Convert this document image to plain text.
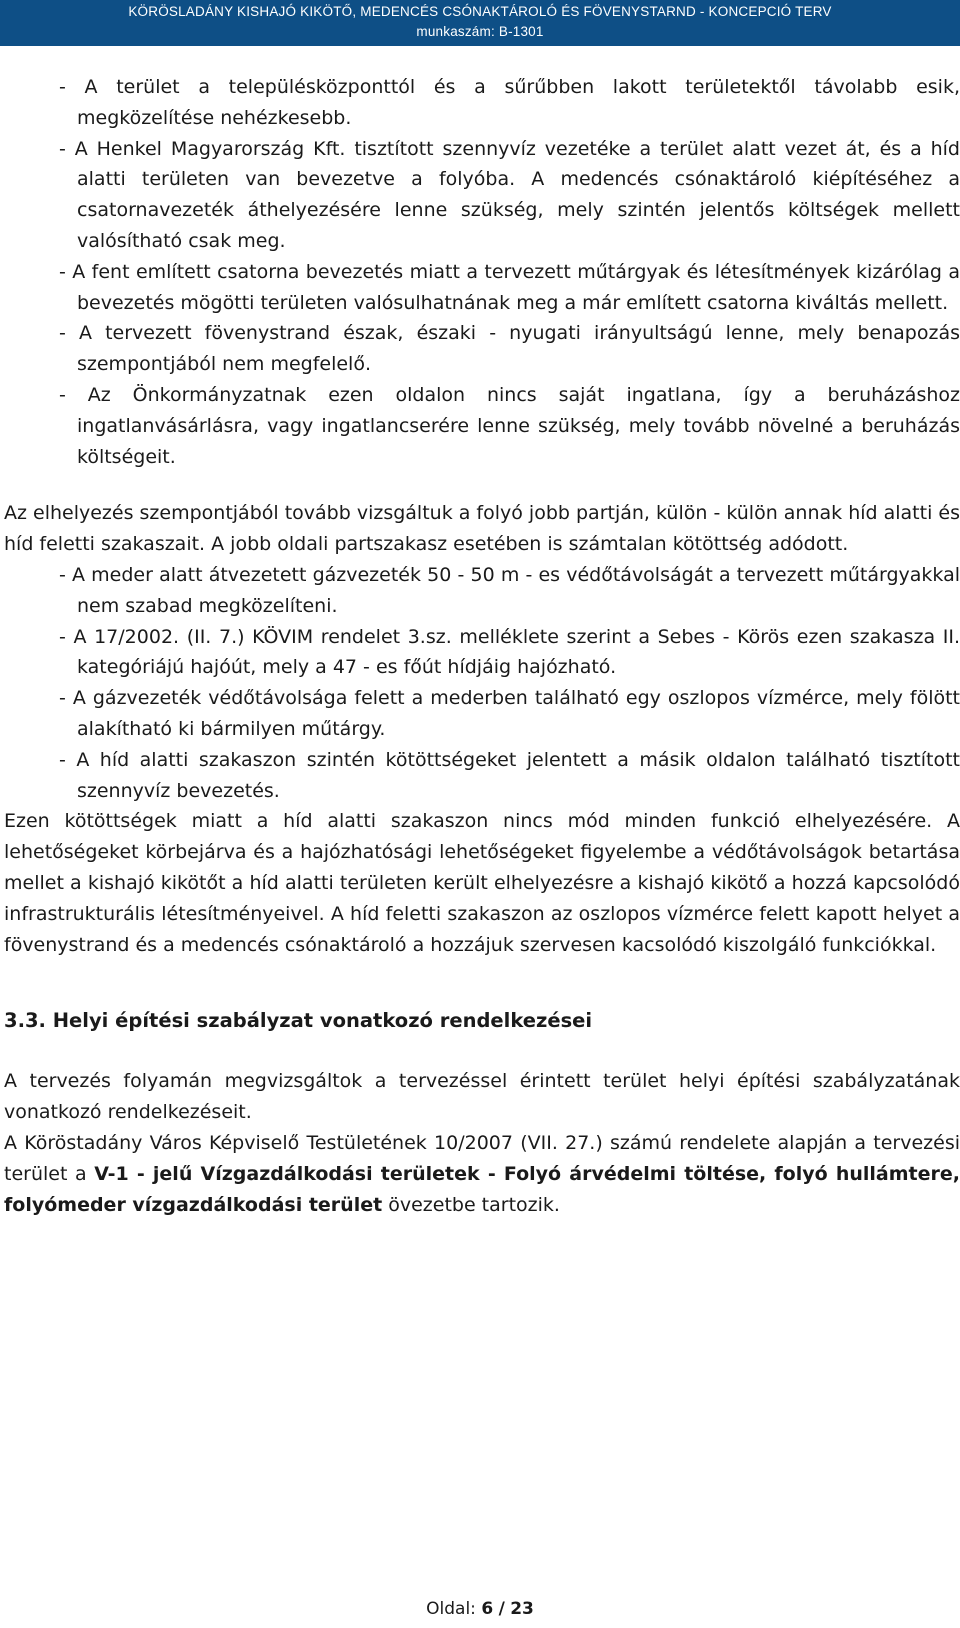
KÖRÖSLADÁNY KISHAJÓ KIKÖTŐ, MEDENCÉS CSÓNAKTÁROLÓ ÉS FÖVENYSTARND - KONCEPCIÓ TERV
munkaszám: B-1301

- A terület a településközponttól és a sűrűbben lakott területektől távolabb esik, megközelítése nehézkesebb.

- A Henkel Magyarország Kft. tisztított szennyvíz vezetéke a terület alatt vezet át, és a híd alatti területen van bevezetve a folyóba. A medencés csónaktároló kiépítéséhez a csatornavezeték áthelyezésére lenne szükség, mely szintén jelentős költségek mellett valósítható csak meg.

- A fent említett csatorna bevezetés miatt a tervezett műtárgyak és létesítmények kizárólag a bevezetés mögötti területen valósulhatnának meg a már említett csatorna kiváltás mellett.

- A tervezett fövenystrand észak, északi - nyugati irányultságú lenne, mely benapozás szempontjából nem megfelelő.

- Az Önkormányzatnak ezen oldalon nincs saját ingatlana, így a beruházáshoz ingatlanvásárlásra, vagy ingatlancserére lenne szükség, mely tovább növelné a beruházás költségeit.

Az elhelyezés szempontjából tovább vizsgáltuk a folyó jobb partján, külön - külön annak híd alatti és híd feletti szakaszait. A jobb oldali partszakasz esetében is számtalan kötöttség adódott.

- A meder alatt átvezetett gázvezeték 50 - 50 m - es védőtávolságát a tervezett műtárgyakkal nem szabad megközelíteni.

- A 17/2002. (II. 7.) KÖVIM rendelet 3.sz. melléklete szerint a Sebes - Körös ezen szakasza II. kategóriájú hajóút, mely a 47 - es főút hídjáig hajózható.

- A gázvezeték védőtávolsága felett a mederben található egy oszlopos vízmérce, mely fölött alakítható ki bármilyen műtárgy.

- A híd alatti szakaszon szintén kötöttségeket jelentett a másik oldalon található tisztított szennyvíz bevezetés.

Ezen kötöttségek miatt a híd alatti szakaszon nincs mód minden funkció elhelyezésére. A lehetőségeket körbejárva és a hajózhatósági lehetőségeket figyelembe a védőtávolságok betartása mellet a kishajó kikötőt a híd alatti területen került elhelyezésre a kishajó kikötő a hozzá kapcsolódó infrastrukturális létesítményeivel. A híd feletti szakaszon az oszlopos vízmérce felett kapott helyet a fövenystrand és a medencés csónaktároló a hozzájuk szervesen kacsolódó kiszolgáló funkciókkal.

3.3. Helyi építési szabályzat vonatkozó rendelkezései

A tervezés folyamán megvizsgáltok a tervezéssel érintett terület helyi építési szabályzatának vonatkozó rendelkezéseit.

A Köröstadány Város Képviselő Testületének 10/2007 (VII. 27.) számú rendelete alapján a tervezési terület a V-1 - jelű Vízgazdálkodási területek - Folyó árvédelmi töltése, folyó hullámtere, folyómeder vízgazdálkodási terület övezetbe tartozik.

Oldal: 6 / 23
